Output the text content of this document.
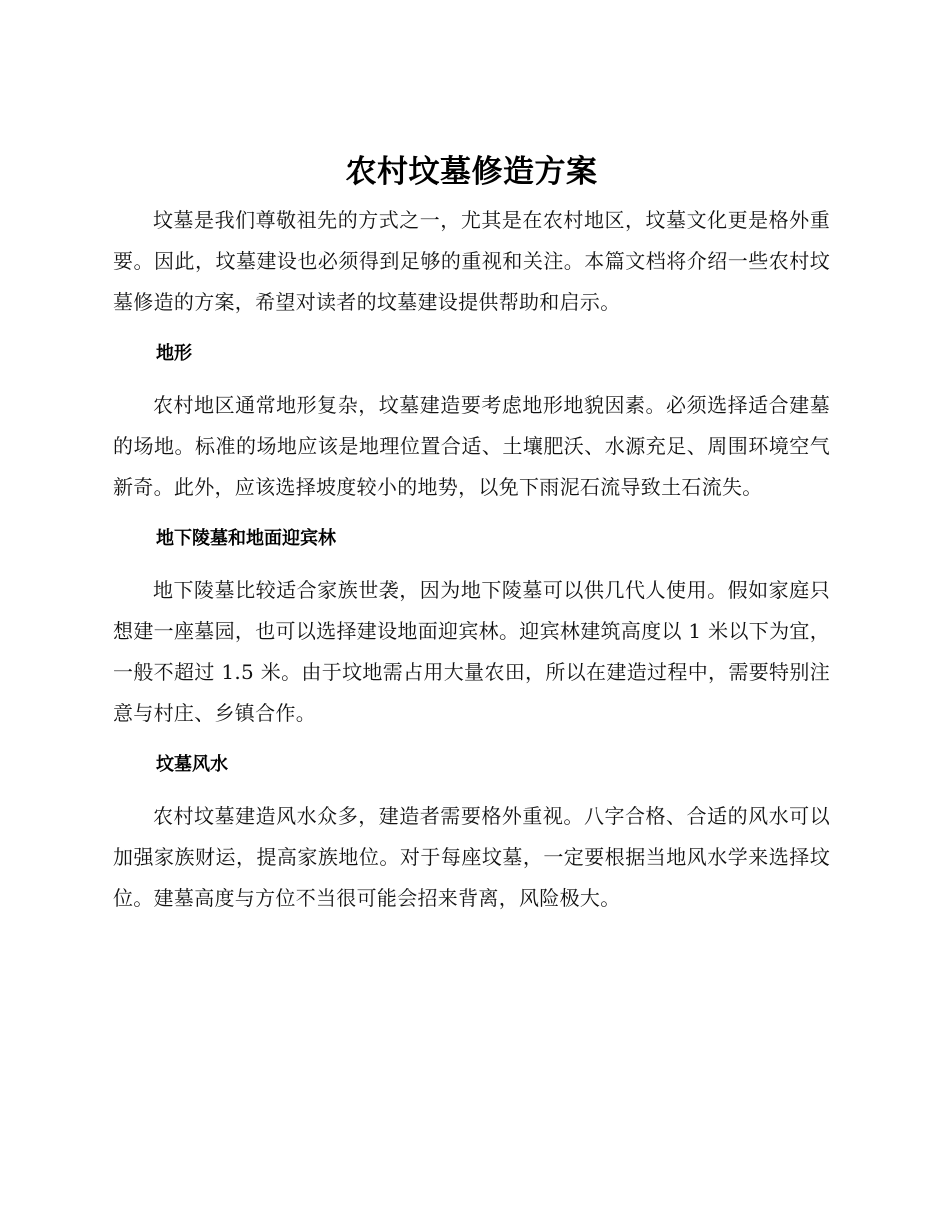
农村坟墓修造方案

坟墓是我们尊敬祖先的方式之一，尤其是在农村地区，坟墓文化更是格外重要。因此，坟墓建设也必须得到足够的重视和关注。本篇文档将介绍一些农村坟墓修造的方案，希望对读者的坟墓建设提供帮助和启示。

地形

农村地区通常地形复杂，坟墓建造要考虑地形地貌因素。必须选择适合建墓的场地。标准的场地应该是地理位置合适、土壤肥沃、水源充足、周围环境空气新奇。此外，应该选择坡度较小的地势，以免下雨泥石流导致土石流失。

地下陵墓和地面迎宾林

地下陵墓比较适合家族世袭，因为地下陵墓可以供几代人使用。假如家庭只想建一座墓园，也可以选择建设地面迎宾林。迎宾林建筑高度以 1 米以下为宜，一般不超过 1.5 米。由于坟地需占用大量农田，所以在建造过程中，需要特别注意与村庄、乡镇合作。

坟墓风水

农村坟墓建造风水众多，建造者需要格外重视。八字合格、合适的风水可以加强家族财运，提高家族地位。对于每座坟墓，一定要根据当地风水学来选择坟位。建墓高度与方位不当很可能会招来背离，风险极大。
